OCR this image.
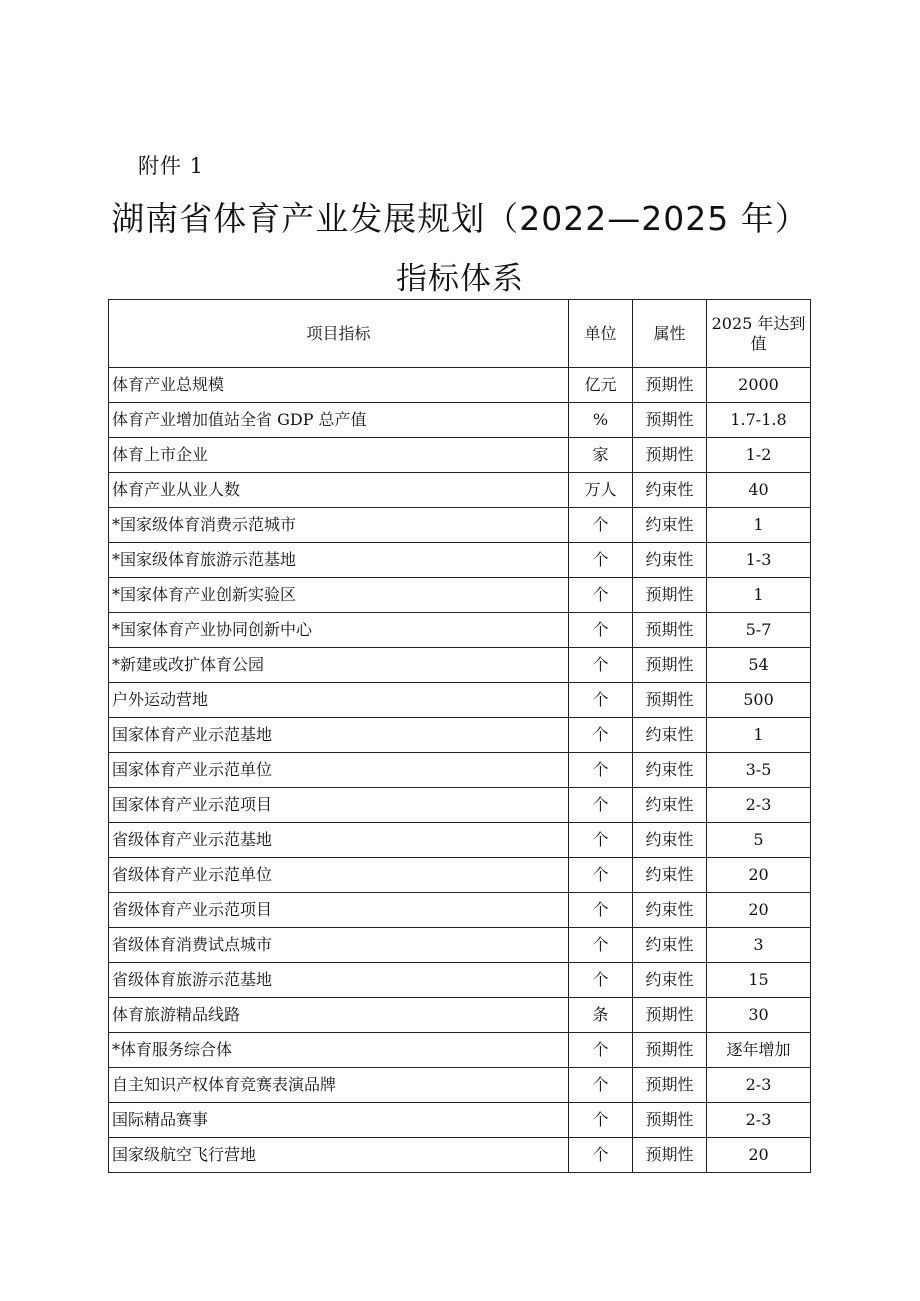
附件 1
湖南省体育产业发展规划（2022—2025 年）
指标体系
项目指标	单位	属性	2025 年达到值
体育产业总规模	亿元	预期性	2000
体育产业增加值站全省 GDP 总产值	%	预期性	1.7-1.8
体育上市企业	家	预期性	1-2
体育产业从业人数	万人	约束性	40
*国家级体育消费示范城市	个	约束性	1
*国家级体育旅游示范基地	个	约束性	1-3
*国家体育产业创新实验区	个	预期性	1
*国家体育产业协同创新中心	个	预期性	5-7
*新建或改扩体育公园	个	预期性	54
户外运动营地	个	预期性	500
国家体育产业示范基地	个	约束性	1
国家体育产业示范单位	个	约束性	3-5
国家体育产业示范项目	个	约束性	2-3
省级体育产业示范基地	个	约束性	5
省级体育产业示范单位	个	约束性	20
省级体育产业示范项目	个	约束性	20
省级体育消费试点城市	个	约束性	3
省级体育旅游示范基地	个	约束性	15
体育旅游精品线路	条	预期性	30
*体育服务综合体	个	预期性	逐年增加
自主知识产权体育竞赛表演品牌	个	预期性	2-3
国际精品赛事	个	预期性	2-3
国家级航空飞行营地	个	预期性	20
